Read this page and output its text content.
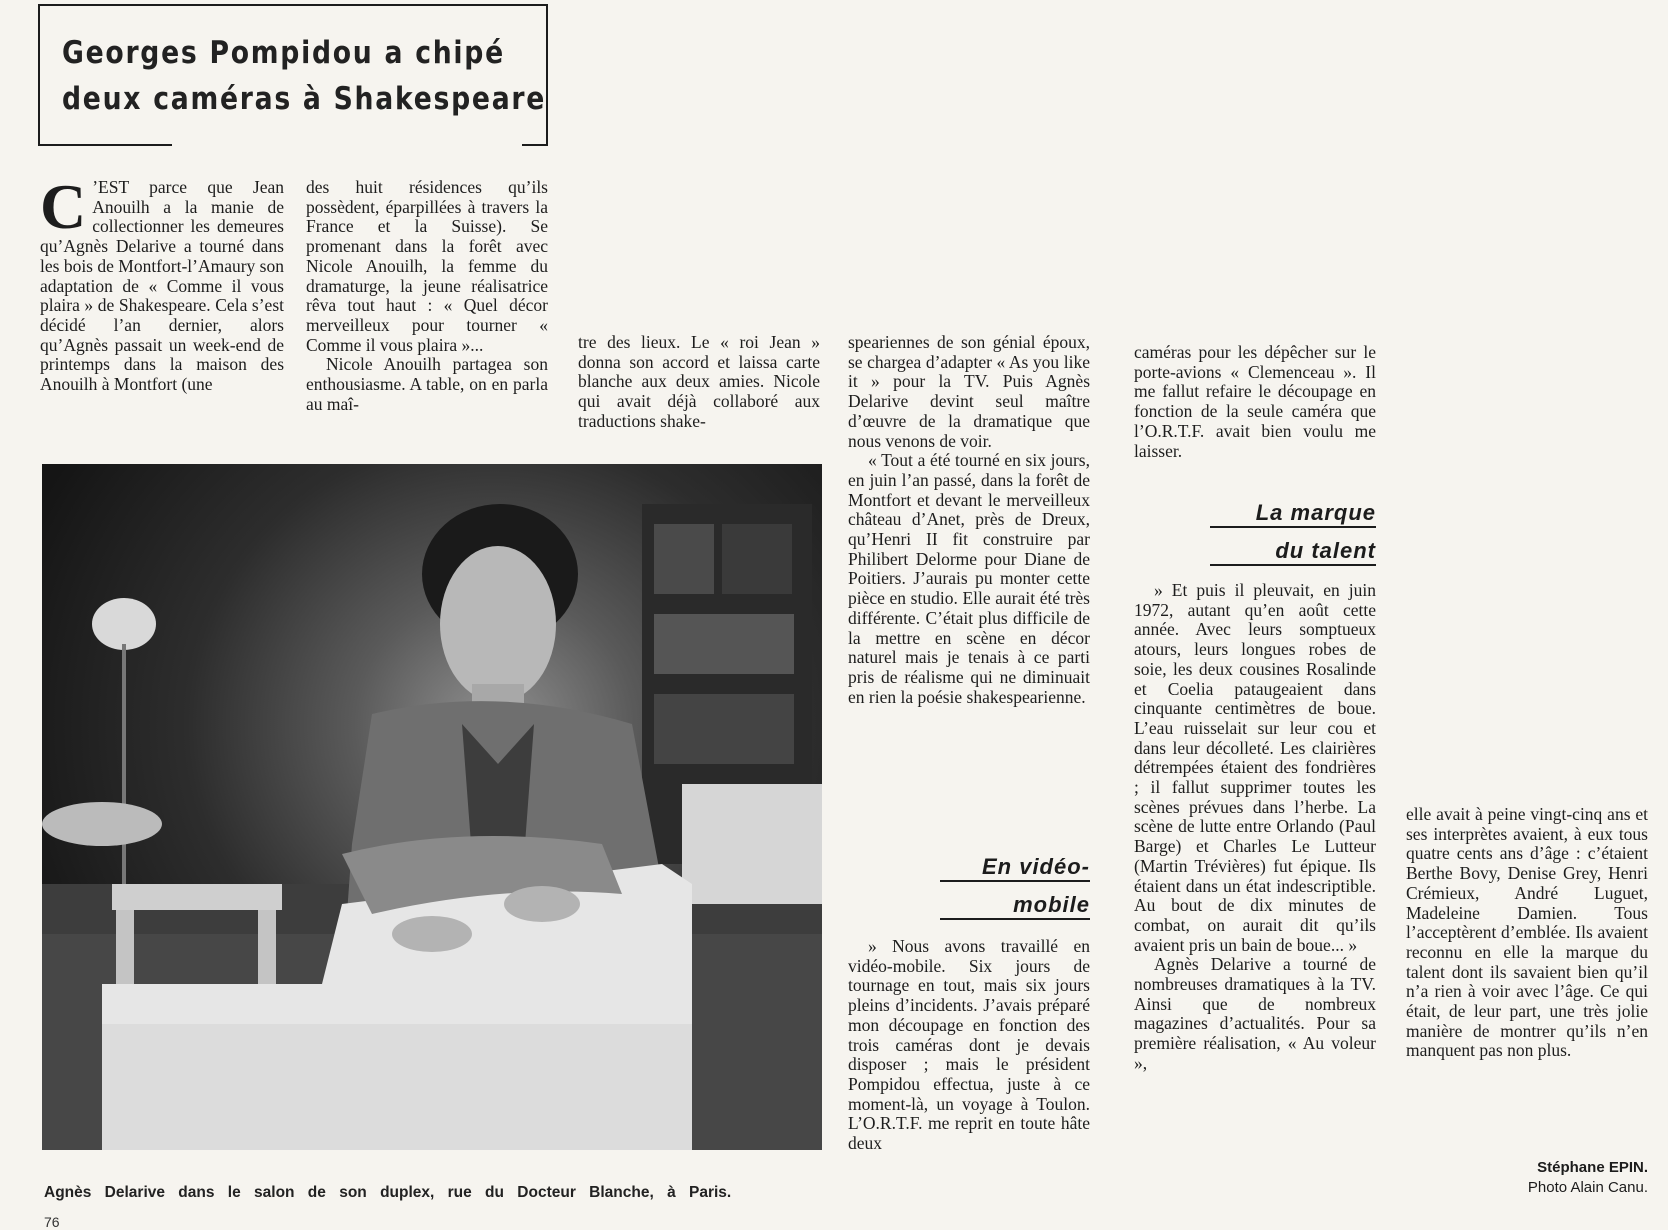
Georges Pompidou a chipé
deux caméras à Shakespeare
C ’EST parce que Jean Anouilh a la manie de collectionner les demeures qu’Agnès Delarive a tourné dans les bois de Montfort-l’Amaury son adaptation de « Comme il vous plaira » de Shakespeare. Cela s’est décidé l’an dernier, alors qu’Agnès passait un week-end de printemps dans la maison des Anouilh à Montfort (une

des huit résidences qu’ils possèdent, éparpillées à travers la France et la Suisse). Se promenant dans la forêt avec Nicole Anouilh, la femme du dramaturge, la jeune réalisatrice rêva tout haut : « Quel décor merveilleux pour tourner « Comme il vous plaira »...

Nicole Anouilh partagea son enthousiasme. A table, on en parla au maî-

tre des lieux. Le « roi Jean » donna son accord et laissa carte blanche aux deux amies. Nicole qui avait déjà collaboré aux traductions shake-

Agnès Delarive dans le salon de son duplex, rue du Docteur Blanche, à Paris.
76

speariennes de son génial époux, se chargea d’adapter « As you like it » pour la TV. Puis Agnès Delarive devint seul maître d’œuvre de la dramatique que nous venons de voir.

« Tout a été tourné en six jours, en juin l’an passé, dans la forêt de Montfort et devant le merveilleux château d’Anet, près de Dreux, qu’Henri II fit construire par Philibert Delorme pour Diane de Poitiers. J’aurais pu monter cette pièce en studio. Elle aurait été très différente. C’était plus difficile de la mettre en scène en décor naturel mais je tenais à ce parti pris de réalisme qui ne diminuait en rien la poésie shakespearienne.

En vidéo-
mobile

» Nous avons travaillé en vidéo-mobile. Six jours de tournage en tout, mais six jours pleins d’incidents. J’avais préparé mon découpage en fonction des trois caméras dont je devais disposer ; mais le président Pompidou effectua, juste à ce moment-là, un voyage à Toulon. L’O.R.T.F. me reprit en toute hâte deux

caméras pour les dépêcher sur le porte-avions « Clemenceau ». Il me fallut refaire le découpage en fonction de la seule caméra que l’O.R.T.F. avait bien voulu me laisser.

La marque
du talent

» Et puis il pleuvait, en juin 1972, autant qu’en août cette année. Avec leurs somptueux atours, leurs longues robes de soie, les deux cousines Rosalinde et Coelia pataugeaient dans cinquante centimètres de boue. L’eau ruisselait sur leur cou et dans leur décolleté. Les clairières détrempées étaient des fondrières ; il fallut supprimer toutes les scènes prévues dans l’herbe. La scène de lutte entre Orlando (Paul Barge) et Charles Le Lutteur (Martin Trévières) fut épique. Ils étaient dans un état indescriptible. Au bout de dix minutes de combat, on aurait dit qu’ils avaient pris un bain de boue... »

Agnès Delarive a tourné de nombreuses dramatiques à la TV. Ainsi que de nombreux magazines d’actualités. Pour sa première réalisation, « Au voleur »,

elle avait à peine vingt-cinq ans et ses interprètes avaient, à eux tous quatre cents ans d’âge : c’étaient Berthe Bovy, Denise Grey, Henri Crémieux, André Luguet, Madeleine Damien. Tous l’acceptèrent d’emblée. Ils avaient reconnu en elle la marque du talent dont ils savaient bien qu’il n’a rien à voir avec l’âge. Ce qui était, de leur part, une très jolie manière de montrer qu’ils n’en manquent pas non plus.

Stéphane EPIN.
Photo Alain Canu.
